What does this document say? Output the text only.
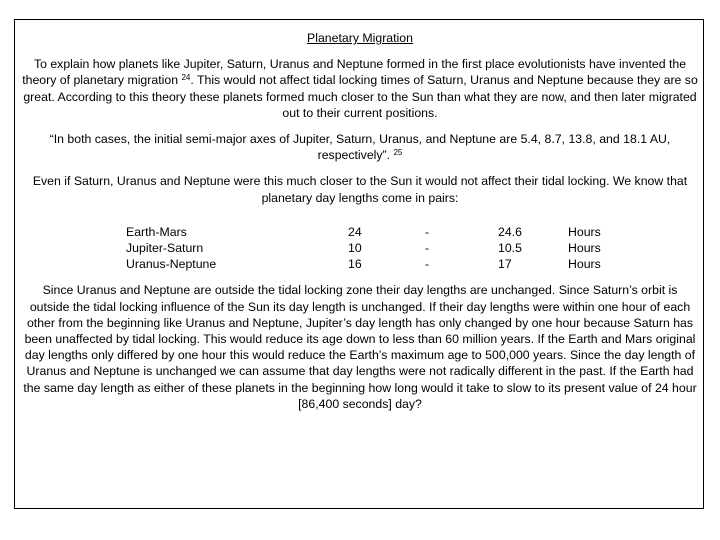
Planetary Migration
To explain how planets like Jupiter, Saturn, Uranus and Neptune formed in the first place evolutionists have invented the theory of planetary migration $^{24}$. This would not affect tidal locking times of Saturn, Uranus and Neptune because they are so great. According to this theory these planets formed much closer to the Sun than what they are now, and then later migrated out to their current positions.
“In both cases, the initial semi-major axes of Jupiter, Saturn, Uranus, and Neptune are 5.4, 8.7, 13.8, and 18.1 AU, respectively”. $^{25}$
Even if Saturn, Uranus and Neptune were this much closer to the Sun it would not affect their tidal locking. We know that planetary day lengths come in pairs:
Earth-Mars	24	-	24.6	Hours
Jupiter-Saturn	10	-	10.5	Hours
Uranus-Neptune	16	-	17	Hours
Since Uranus and Neptune are outside the tidal locking zone their day lengths are unchanged. Since Saturn’s orbit is outside the tidal locking influence of the Sun its day length is unchanged. If their day lengths were within one hour of each other from the beginning like Uranus and Neptune, Jupiter’s day length has only changed by one hour because Saturn has been unaffected by tidal locking. This would reduce its age down to less than 60 million years. If the Earth and Mars original day lengths only differed by one hour this would reduce the Earth’s maximum age to 500,000 years. Since the day length of Uranus and Neptune is unchanged we can assume that day lengths were not radically different in the past. If the Earth had the same day length as either of these planets in the beginning how long would it take to slow to its present value of 24 hour [86,400 seconds] day?
